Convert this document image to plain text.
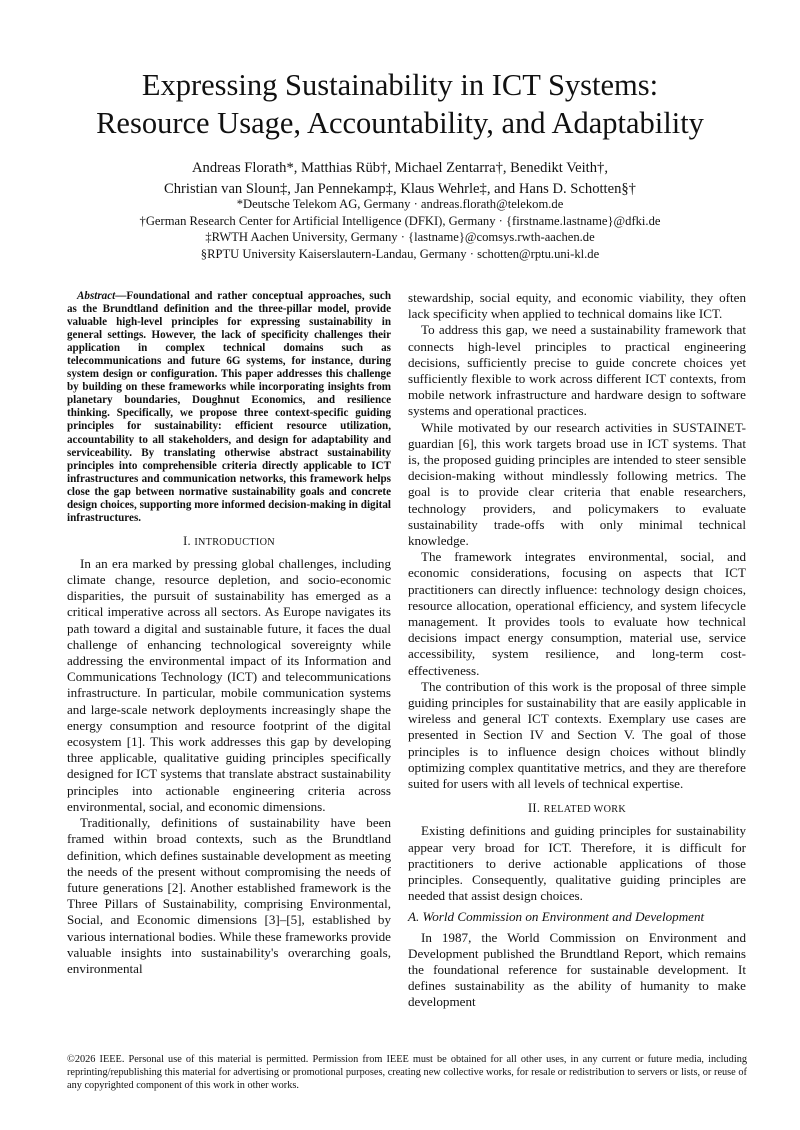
Expressing Sustainability in ICT Systems:
Resource Usage, Accountability, and Adaptability
Andreas Florath*, Matthias Rüb†, Michael Zentarra†, Benedikt Veith†,
Christian van Sloun‡, Jan Pennekamp‡, Klaus Wehrle‡, and Hans D. Schotten§†
*Deutsche Telekom AG, Germany · andreas.florath@telekom.de
†German Research Center for Artificial Intelligence (DFKI), Germany · {firstname.lastname}@dfki.de
‡RWTH Aachen University, Germany · {lastname}@comsys.rwth-aachen.de
§RPTU University Kaiserslautern-Landau, Germany · schotten@rptu.uni-kl.de

Abstract—Foundational and rather conceptual approaches, such as the Brundtland definition and the three-pillar model, provide valuable high-level principles for expressing sustainability in general settings. However, the lack of specificity challenges their application in complex technical domains such as telecommunications and future 6G systems, for instance, during system design or configuration. This paper addresses this challenge by building on these frameworks while incorporating insights from planetary boundaries, Doughnut Economics, and resilience thinking. Specifically, we propose three context-specific guiding principles for sustainability: efficient resource utilization, accountability to all stakeholders, and design for adaptability and serviceability. By translating otherwise abstract sustainability principles into comprehensible criteria directly applicable to ICT infrastructures and communication networks, this framework helps close the gap between normative sustainability goals and concrete design choices, supporting more informed decision-making in digital infrastructures.

I. INTRODUCTION

In an era marked by pressing global challenges, including climate change, resource depletion, and socio-economic disparities, the pursuit of sustainability has emerged as a critical imperative across all sectors. As Europe navigates its path toward a digital and sustainable future, it faces the dual challenge of enhancing technological sovereignty while addressing the environmental impact of its Information and Communications Technology (ICT) and telecommunications infrastructure. In particular, mobile communication systems and large-scale network deployments increasingly shape the energy consumption and resource footprint of the digital ecosystem [1]. This work addresses this gap by developing three applicable, qualitative guiding principles specifically designed for ICT systems that translate abstract sustainability principles into actionable engineering criteria across environmental, social, and economic dimensions.

Traditionally, definitions of sustainability have been framed within broad contexts, such as the Brundtland definition, which defines sustainable development as meeting the needs of the present without compromising the needs of future generations [2]. Another established framework is the Three Pillars of Sustainability, comprising Environmental, Social, and Economic dimensions [3]–[5], established by various international bodies. While these frameworks provide valuable insights into sustainability's overarching goals, environmental

stewardship, social equity, and economic viability, they often lack specificity when applied to technical domains like ICT.

To address this gap, we need a sustainability framework that connects high-level principles to practical engineering decisions, sufficiently precise to guide concrete choices yet sufficiently flexible to work across different ICT contexts, from mobile network infrastructure and hardware design to software systems and operational practices.

While motivated by our research activities in SUSTAINET-guardian [6], this work targets broad use in ICT systems. That is, the proposed guiding principles are intended to steer sensible decision-making without mindlessly following metrics. The goal is to provide clear criteria that enable researchers, technology providers, and policymakers to evaluate sustainability trade-offs with only minimal technical knowledge.

The framework integrates environmental, social, and economic considerations, focusing on aspects that ICT practitioners can directly influence: technology design choices, resource allocation, operational efficiency, and system lifecycle management. It provides tools to evaluate how technical decisions impact energy consumption, material use, service accessibility, system resilience, and long-term cost-effectiveness.

The contribution of this work is the proposal of three simple guiding principles for sustainability that are easily applicable in wireless and general ICT contexts. Exemplary use cases are presented in Section IV and Section V. The goal of those principles is to influence design choices without blindly optimizing complex quantitative metrics, and they are therefore suited for users with all levels of technical expertise.

II. RELATED WORK

Existing definitions and guiding principles for sustainability appear very broad for ICT. Therefore, it is difficult for practitioners to derive actionable applications of those principles. Consequently, qualitative guiding principles are needed that assist design choices.

A. World Commission on Environment and Development

In 1987, the World Commission on Environment and Development published the Brundtland Report, which remains the foundational reference for sustainable development. It defines sustainability as the ability of humanity to make development

©2026 IEEE. Personal use of this material is permitted. Permission from IEEE must be obtained for all other uses, in any current or future media, including reprinting/republishing this material for advertising or promotional purposes, creating new collective works, for resale or redistribution to servers or lists, or reuse of any copyrighted component of this work in other works.
